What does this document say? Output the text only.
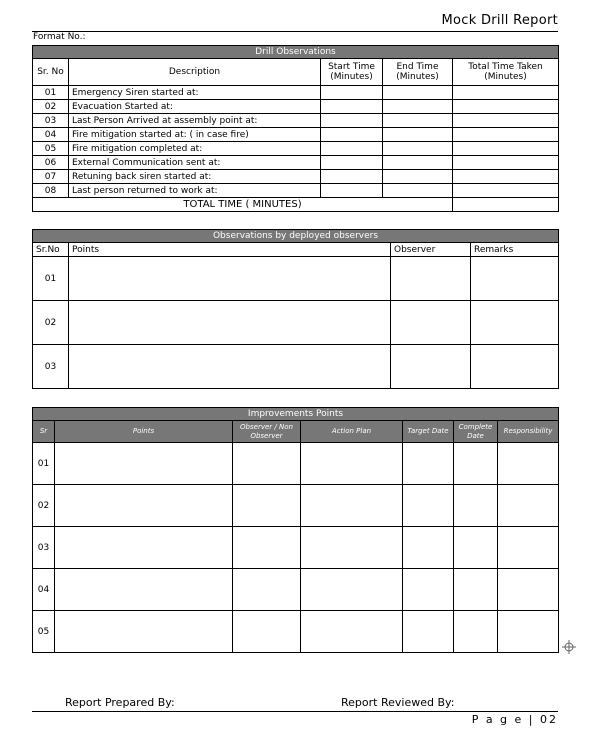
Mock Drill Report
Format No.:
Drill Observations				
Sr. No	Description	Start Time (Minutes)	End Time (Minutes)	Total Time Taken (Minutes)
01	Emergency Siren started at:			
02	Evacuation Started at:			
03	Last Person Arrived at assembly point at:			
04	Fire mitigation started at: ( in case fire)			
05	Fire mitigation completed at:			
06	External Communication sent at:			
07	Retuning back siren started at:			
08	Last person returned to work at:			
TOTAL TIME ( MINUTES)				
Observations by deployed observers			
Sr.No	Points	Observer	Remarks
01			
02			
03			
Improvements Points						
Sr	Points	Observer / Non Observer	Action Plan	Target Date	Complete Date	Responsibility
01						
02						
03						
04						
05						
Report Prepared By:	Report Reviewed By:
P a g e | 02
